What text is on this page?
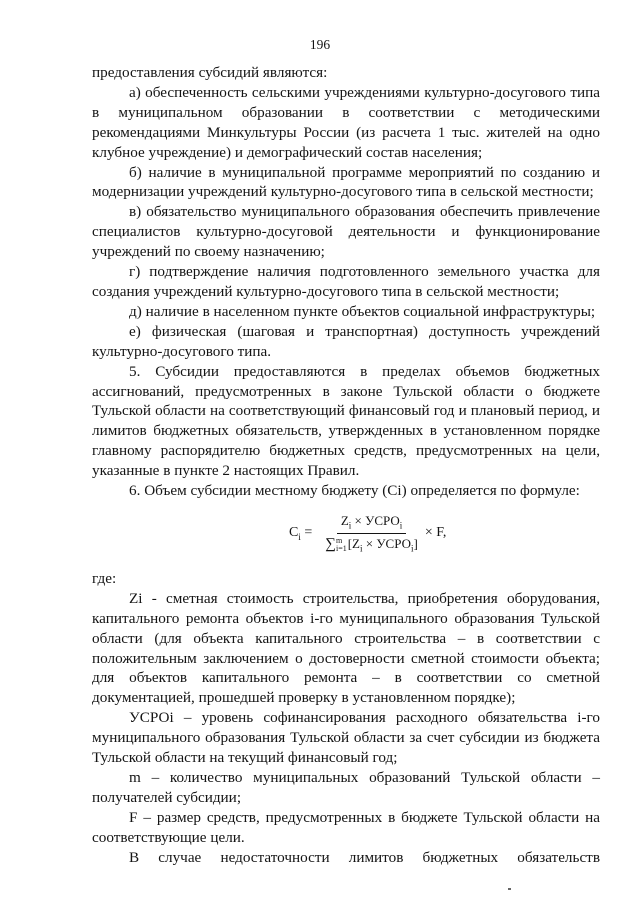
196

предоставления субсидий являются:

а) обеспеченность сельскими учреждениями культурно-досугового типа в муниципальном образовании в соответствии с методическими рекомендациями Минкультуры России (из расчета 1 тыс. жителей на одно клубное учреждение) и демографический состав населения;

б) наличие в муниципальной программе мероприятий по созданию и модернизации учреждений культурно-досугового типа в сельской местности;

в) обязательство муниципального образования обеспечить привлечение специалистов культурно-досуговой деятельности и функционирование учреждений по своему назначению;

г) подтверждение наличия подготовленного земельного участка для создания учреждений культурно-досугового типа в сельской местности;

д) наличие в населенном пункте объектов социальной инфраструктуры;

е) физическая (шаговая и транспортная) доступность учреждений культурно-досугового типа.

5. Субсидии предоставляются в пределах объемов бюджетных ассигнований, предусмотренных в законе Тульской области о бюджете Тульской области на соответствующий финансовый год и плановый период, и лимитов бюджетных обязательств, утвержденных в установленном порядке главному распорядителю бюджетных средств, предусмотренных на цели, указанные в пункте 2 настоящих Правил.

6. Объем субсидии местному бюджету (Ci) определяется по формуле:

$C_i = Z_i$ × $УСРО_i$
∑ m
i=1 [$Z_i$ × $УСРО_i] \times F$,

где:

Zi - сметная стоимость строительства, приобретения оборудования, капитального ремонта объектов i-го муниципального образования Тульской области (для объекта капитального строительства – в соответствии с положительным заключением о достоверности сметной стоимости объекта; для объектов капитального ремонта – в соответствии со сметной документацией, прошедшей проверку в установленном порядке);

УСРОi – уровень софинансирования расходного обязательства i-го муниципального образования Тульской области за счет субсидии из бюджета Тульской области на текущий финансовый год;

m – количество муниципальных образований Тульской области – получателей субсидии;

F – размер средств, предусмотренных в бюджете Тульской области на соответствующие цели.

В случае недостаточности лимитов бюджетных обязательств
